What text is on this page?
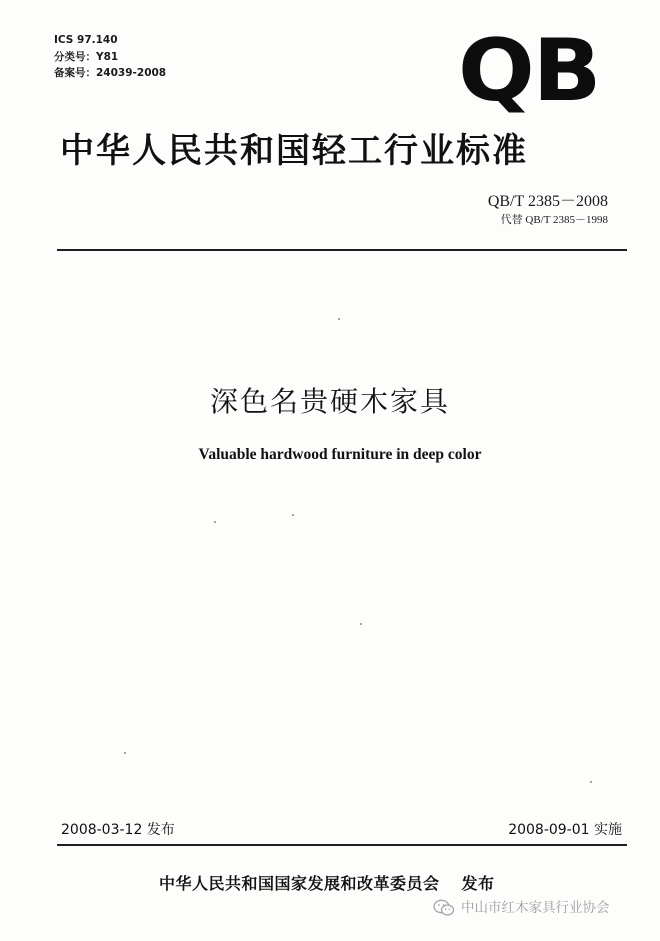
ICS 97.140
分类号：Y81
备案号：24039-2008	QB
中华人民共和国轻工行业标准
QB/T 2385－2008
代替 QB/T 2385－1998
深色名贵硬木家具
Valuable hardwood furniture in deep color
2008-03-12 发布	2008-09-01 实施
中华人民共和国国家发展和改革委员会 发布
中山市红木家具行业协会
